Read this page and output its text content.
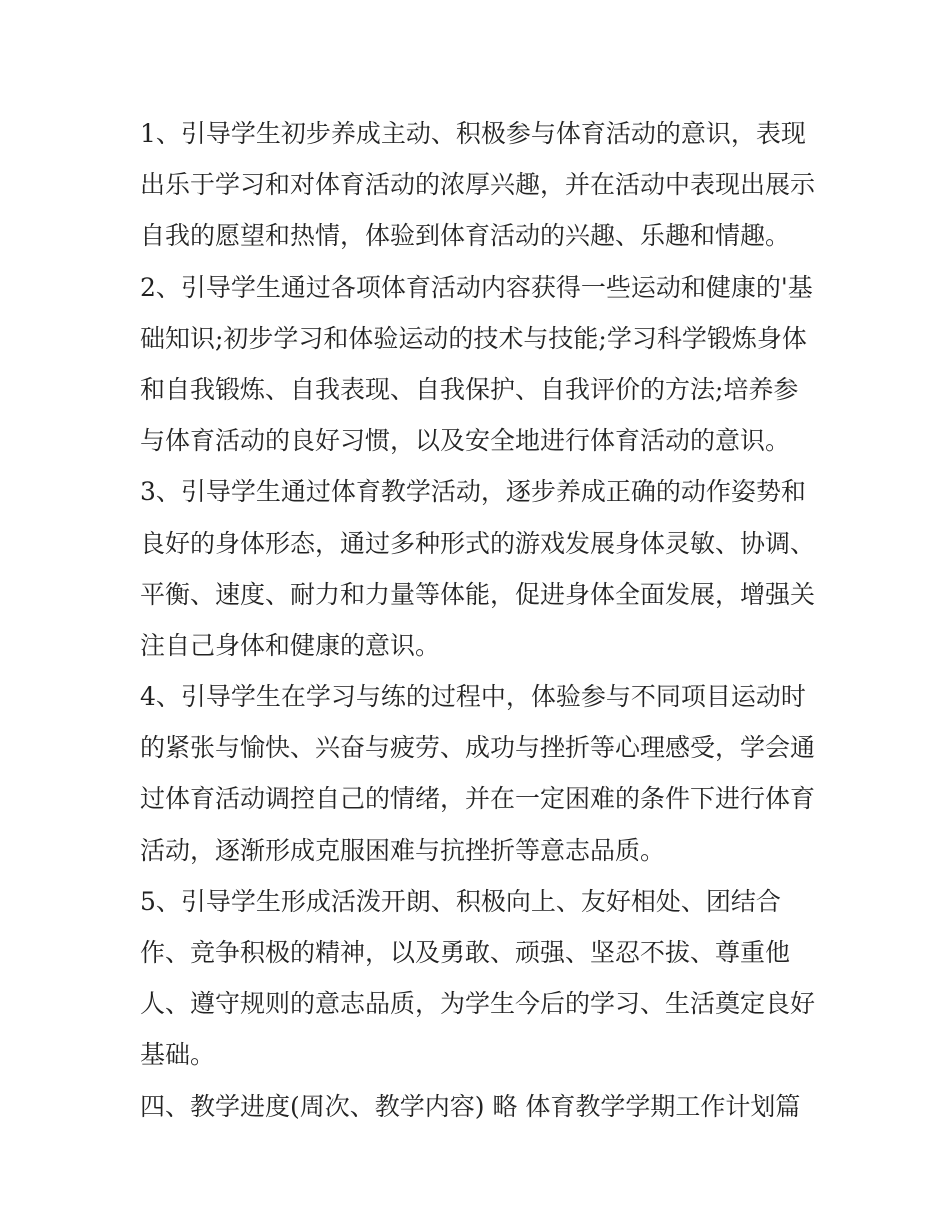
1、引导学生初步养成主动、积极参与体育活动的意识，表现
出乐于学习和对体育活动的浓厚兴趣，并在活动中表现出展示
自我的愿望和热情，体验到体育活动的兴趣、乐趣和情趣。
2、引导学生通过各项体育活动内容获得一些运动和健康的'基
础知识;初步学习和体验运动的技术与技能;学习科学锻炼身体
和自我锻炼、自我表现、自我保护、自我评价的方法;培养参
与体育活动的良好习惯，以及安全地进行体育活动的意识。
3、引导学生通过体育教学活动，逐步养成正确的动作姿势和
良好的身体形态，通过多种形式的游戏发展身体灵敏、协调、
平衡、速度、耐力和力量等体能，促进身体全面发展，增强关
注自己身体和健康的意识。
4、引导学生在学习与练的过程中，体验参与不同项目运动时
的紧张与愉快、兴奋与疲劳、成功与挫折等心理感受，学会通
过体育活动调控自己的情绪，并在一定困难的条件下进行体育
活动，逐渐形成克服困难与抗挫折等意志品质。
5、引导学生形成活泼开朗、积极向上、友好相处、团结合
作、竞争积极的精神，以及勇敢、顽强、坚忍不拔、尊重他
人、遵守规则的意志品质，为学生今后的学习、生活奠定良好
基础。
四、教学进度(周次、教学内容) 略 体育教学学期工作计划篇
